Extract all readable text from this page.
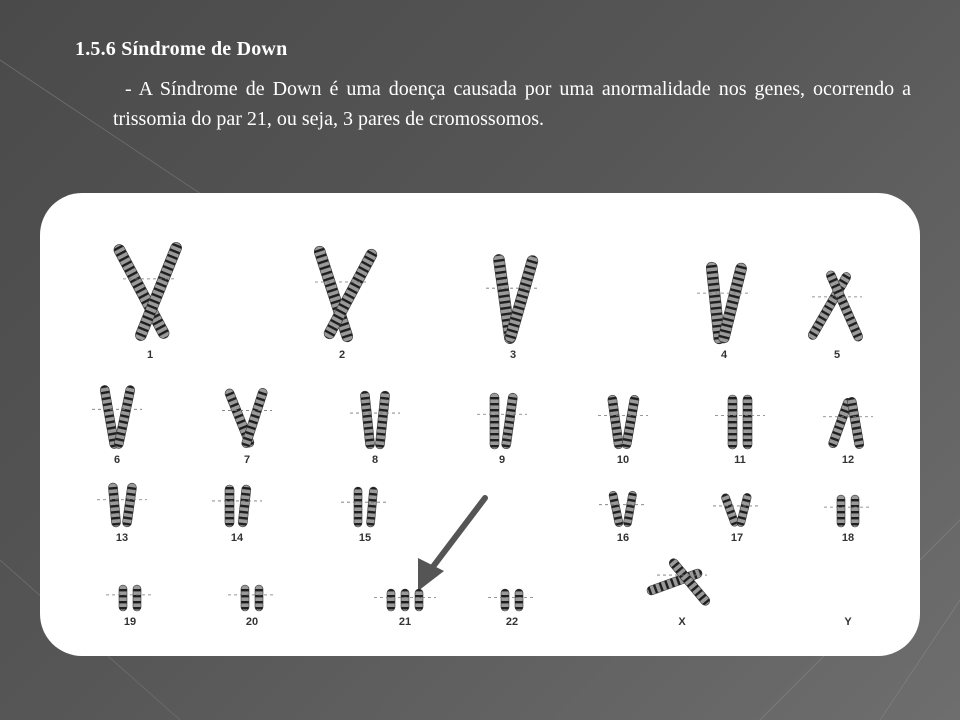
1.5.6 Síndrome de Down
- A Síndrome de Down é uma doença causada por uma anormalidade nos genes, ocorrendo a trissomia do par 21, ou seja, 3 pares de cromossomos.
1	2	3	4	5
6	7	8	9	10	11	12
13	14	15	16	17	18
19	20	21	22	X	Y
